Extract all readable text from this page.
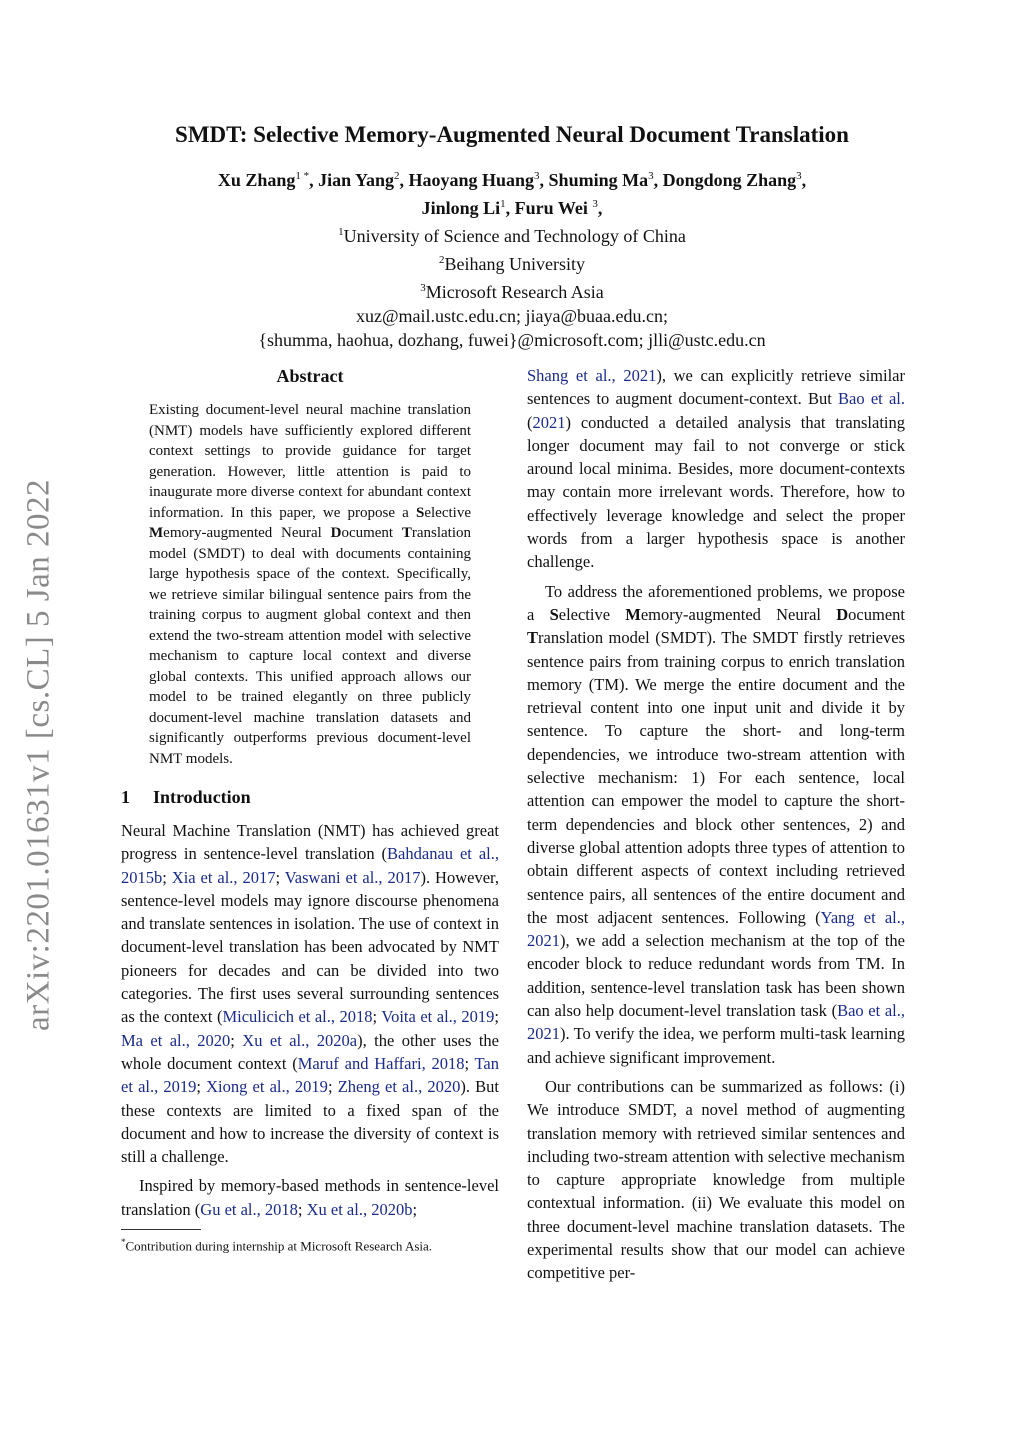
arXiv:2201.01631v1 [cs.CL] 5 Jan 2022
SMDT: Selective Memory-Augmented Neural Document Translation

Xu Zhang$^{1 *}$, Jian Yang$^2$, Haoyang Huang$^3$, Shuming Ma$^3$, Dongdong Zhang$^3$,
Jinlong Li$^1$, Furu Wei $^3$,

$^1$University of Science and Technology of China

$^2$Beihang University

$^3$Microsoft Research Asia

xuz@mail.ustc.edu.cn; jiaya@buaa.edu.cn;

{shumma, haohua, dozhang, fuwei}@microsoft.com; jlli@ustc.edu.cn

Abstract

Existing document-level neural machine translation (NMT) models have sufficiently explored different context settings to provide guidance for target generation. However, little attention is paid to inaugurate more diverse context for abundant context information. In this paper, we propose a Selective Memory-augmented Neural Document Translation model (SMDT) to deal with documents containing large hypothesis space of the context. Specifically, we retrieve similar bilingual sentence pairs from the training corpus to augment global context and then extend the two-stream attention model with selective mechanism to capture local context and diverse global contexts. This unified approach allows our model to be trained elegantly on three publicly document-level machine translation datasets and significantly outperforms previous document-level NMT models.

1 Introduction

Neural Machine Translation (NMT) has achieved great progress in sentence-level translation (Bahdanau et al., 2015b; Xia et al., 2017; Vaswani et al., 2017). However, sentence-level models may ignore discourse phenomena and translate sentences in isolation. The use of context in document-level translation has been advocated by NMT pioneers for decades and can be divided into two categories. The first uses several surrounding sentences as the context (Miculicich et al., 2018; Voita et al., 2019; Ma et al., 2020; Xu et al., 2020a), the other uses the whole document context (Maruf and Haffari, 2018; Tan et al., 2019; Xiong et al., 2019; Zheng et al., 2020). But these contexts are limited to a fixed span of the document and how to increase the diversity of context is still a challenge.

Inspired by memory-based methods in sentence-level translation (Gu et al., 2018; Xu et al., 2020b;

*Contribution during internship at Microsoft Research Asia.

Shang et al., 2021), we can explicitly retrieve similar sentences to augment document-context. But Bao et al. (2021) conducted a detailed analysis that translating longer document may fail to not converge or stick around local minima. Besides, more document-contexts may contain more irrelevant words. Therefore, how to effectively leverage knowledge and select the proper words from a larger hypothesis space is another challenge.

To address the aforementioned problems, we propose a Selective Memory-augmented Neural Document Translation model (SMDT). The SMDT firstly retrieves sentence pairs from training corpus to enrich translation memory (TM). We merge the entire document and the retrieval content into one input unit and divide it by sentence. To capture the short- and long-term dependencies, we introduce two-stream attention with selective mechanism: 1) For each sentence, local attention can empower the model to capture the short-term dependencies and block other sentences, 2) and diverse global attention adopts three types of attention to obtain different aspects of context including retrieved sentence pairs, all sentences of the entire document and the most adjacent sentences. Following (Yang et al., 2021), we add a selection mechanism at the top of the encoder block to reduce redundant words from TM. In addition, sentence-level translation task has been shown can also help document-level translation task (Bao et al., 2021). To verify the idea, we perform multi-task learning and achieve significant improvement.

Our contributions can be summarized as follows: (i) We introduce SMDT, a novel method of augmenting translation memory with retrieved similar sentences and including two-stream attention with selective mechanism to capture appropriate knowledge from multiple contextual information. (ii) We evaluate this model on three document-level machine translation datasets. The experimental results show that our model can achieve competitive per-
